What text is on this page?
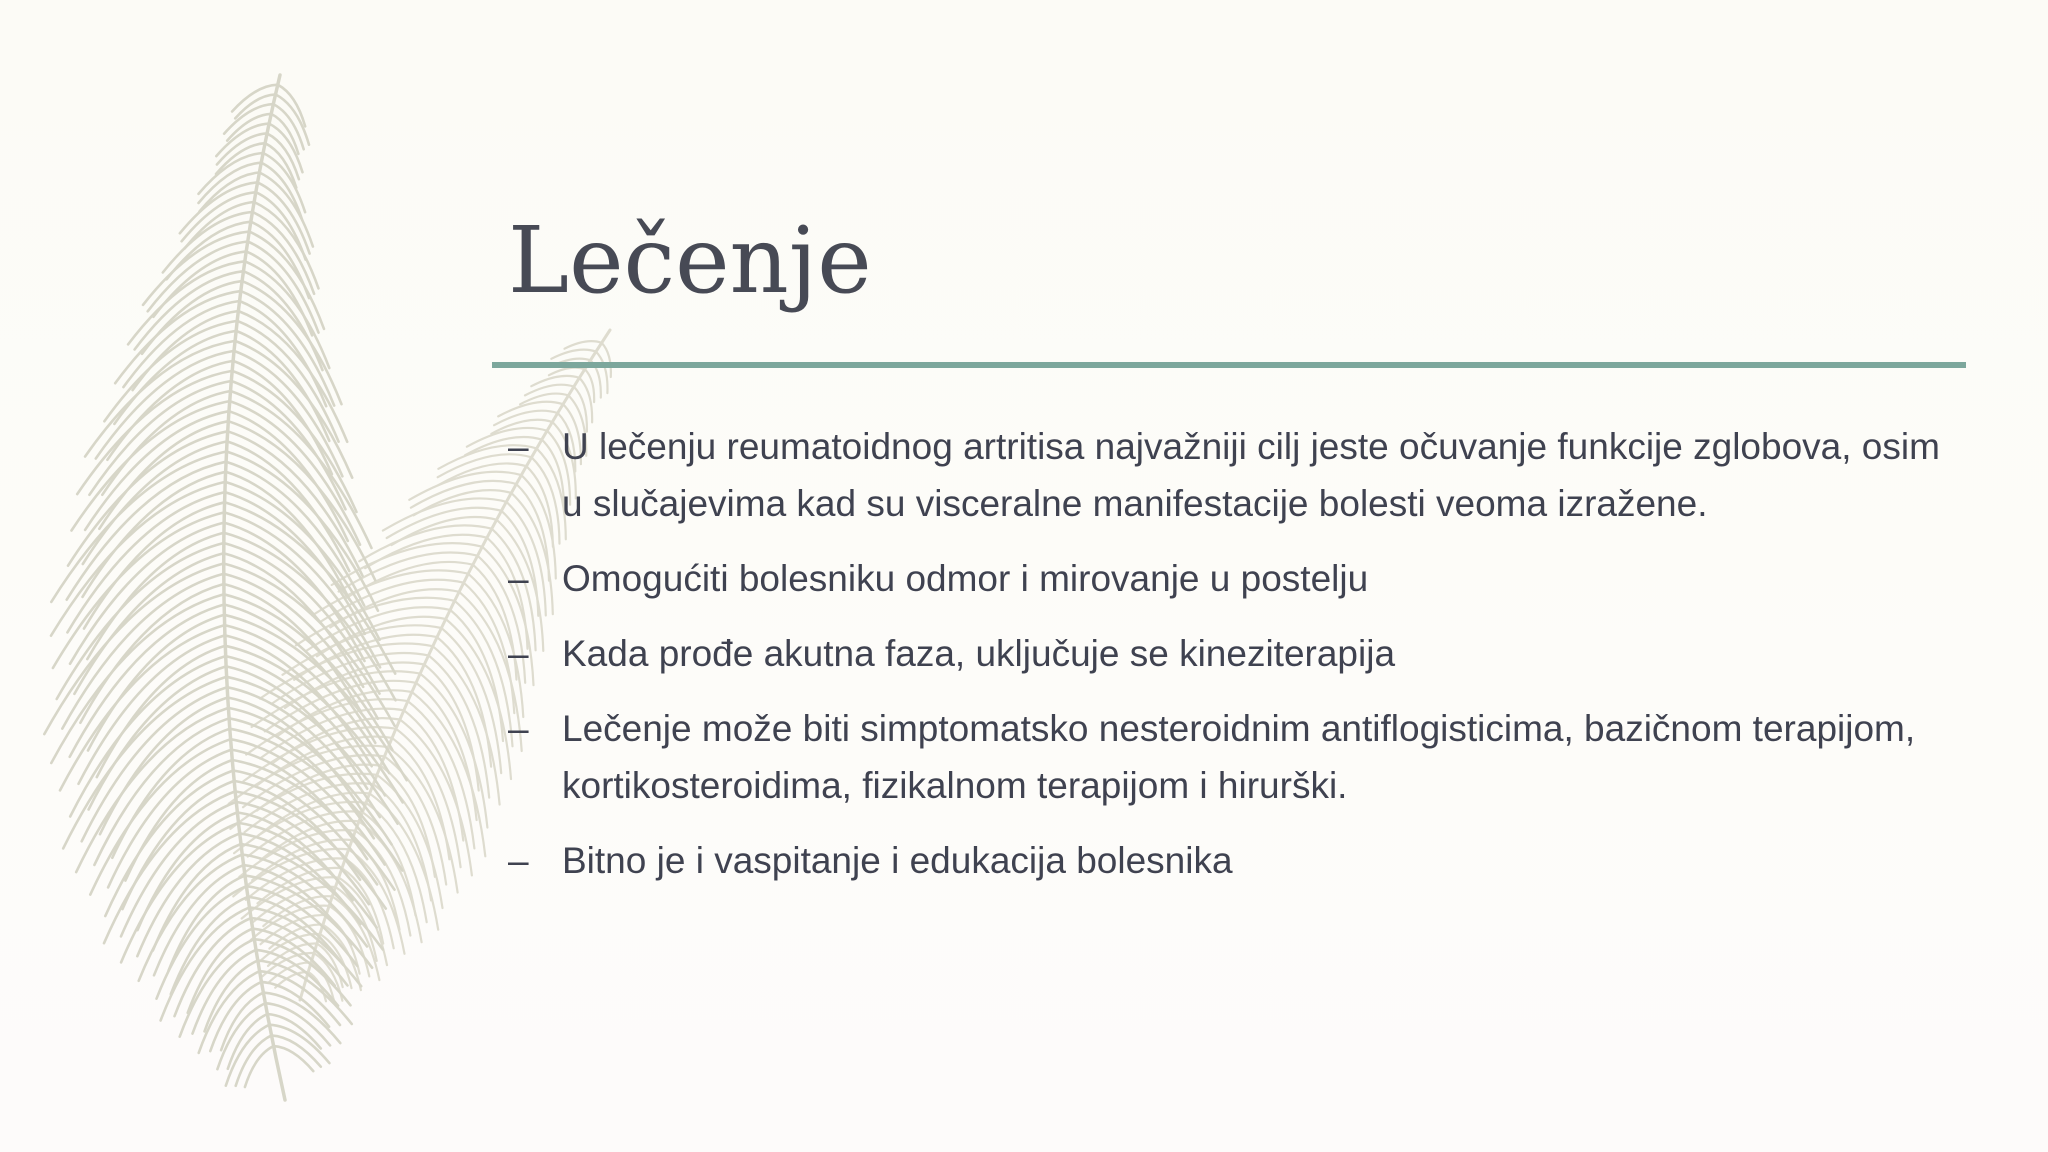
Lečenje
– U lečenju reumatoidnog artritisa najvažniji cilj jeste očuvanje funkcije zglobova, osim u slučajevima kad su visceralne manifestacije bolesti veoma izražene.
– Omogućiti bolesniku odmor i mirovanje u postelju
– Kada prođe akutna faza, uključuje se kineziterapija
– Lečenje može biti simptomatsko nesteroidnim antiflogisticima, bazičnom terapijom, kortikosteroidima, fizikalnom terapijom i hirurški.
– Bitno je i vaspitanje i edukacija bolesnika
